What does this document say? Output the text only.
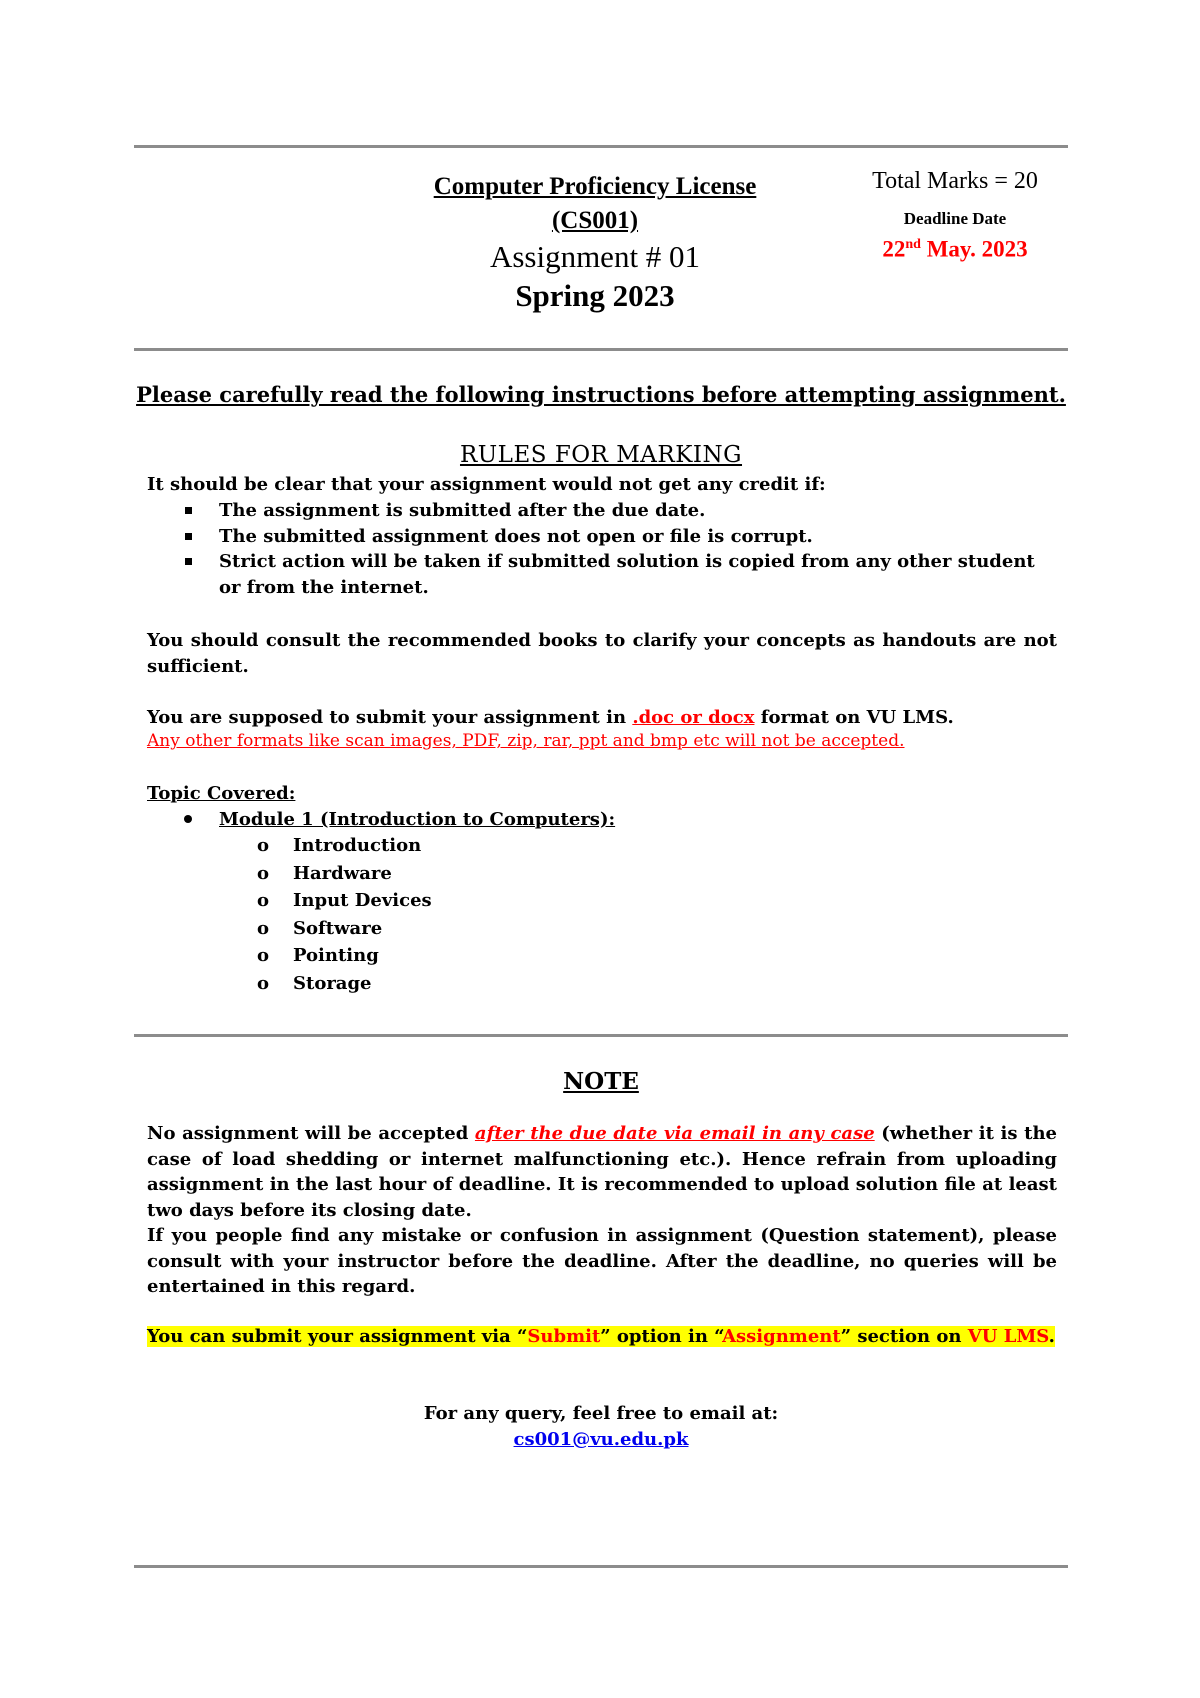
Computer Proficiency License
(CS001)
Assignment # 01
Spring 2023
Total Marks = 20
Deadline Date
22nd May. 2023
Please carefully read the following instructions before attempting assignment.
RULES FOR MARKING
It should be clear that your assignment would not get any credit if:
The assignment is submitted after the due date.
The submitted assignment does not open or file is corrupt.
Strict action will be taken if submitted solution is copied from any other student or from the internet.
You should consult the recommended books to clarify your concepts as handouts are not sufficient.
You are supposed to submit your assignment in .doc or docx format on VU LMS.
Any other formats like scan images, PDF, zip, rar, ppt and bmp etc will not be accepted.
Topic Covered:
Module 1 (Introduction to Computers):
o Introduction
o Hardware
o Input Devices
o Software
o Pointing
o Storage
NOTE
No assignment will be accepted after the due date via email in any case (whether it is the case of load shedding or internet malfunctioning etc.). Hence refrain from uploading assignment in the last hour of deadline. It is recommended to upload solution file at least two days before its closing date.
If you people find any mistake or confusion in assignment (Question statement), please consult with your instructor before the deadline. After the deadline, no queries will be entertained in this regard.
You can submit your assignment via “Submit” option in “Assignment” section on VU LMS.
For any query, feel free to email at:
cs001@vu.edu.pk
